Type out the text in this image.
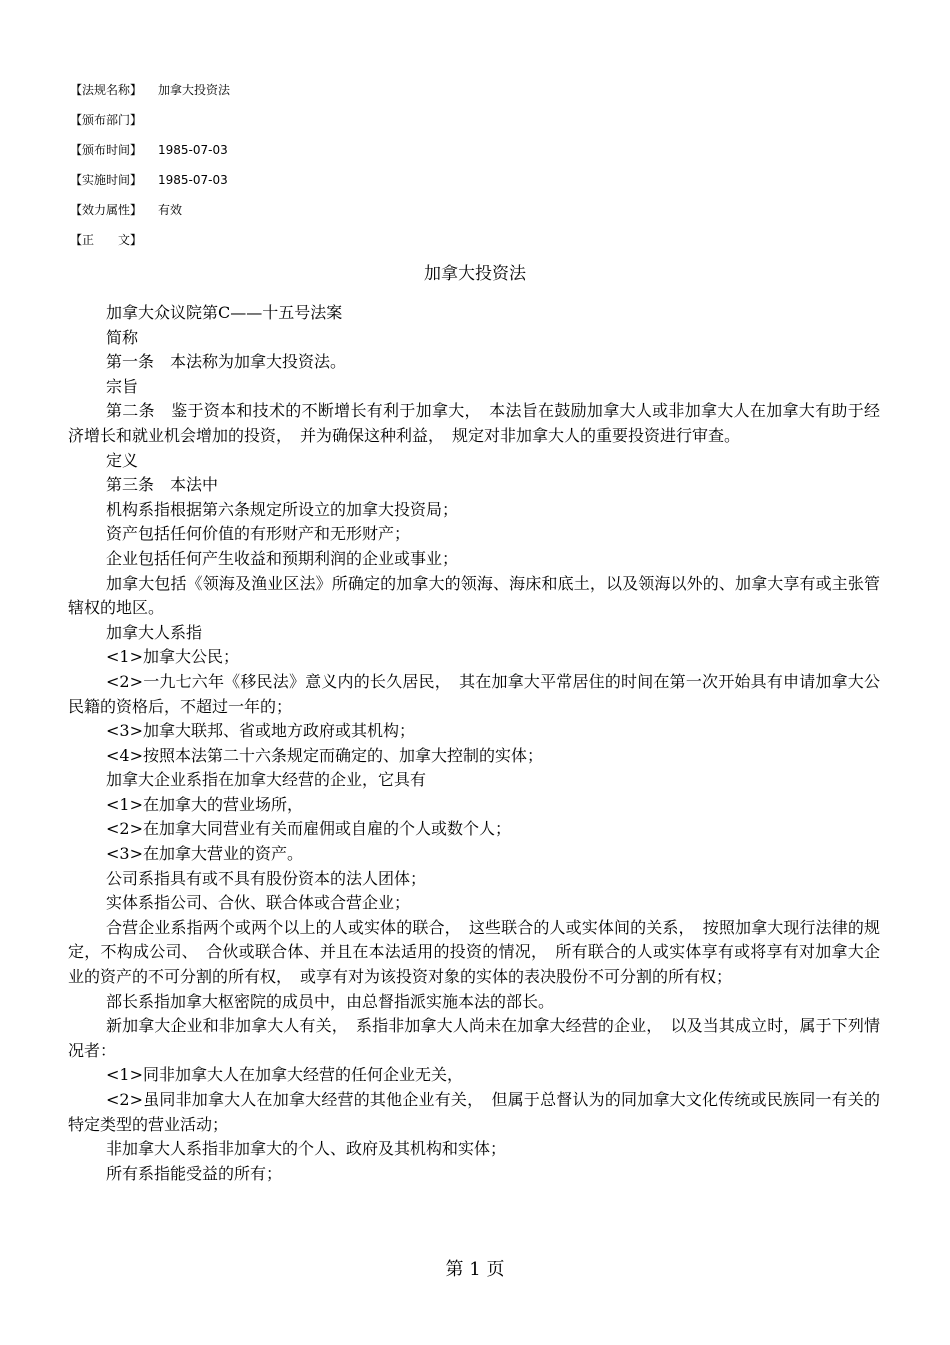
【法规名称】 加拿大投资法
【颁布部门】
【颁布时间】 1985-07-03
【实施时间】 1985-07-03
【效力属性】 有效
【正　　文】
加拿大投资法

加拿大众议院第C——十五号法案

简称

第一条　本法称为加拿大投资法。

宗旨

第二条　鉴于资本和技术的不断增长有利于加拿大，　本法旨在鼓励加拿大人或非加拿大人在加拿大有助于经济增长和就业机会增加的投资，　并为确保这种利益，　规定对非加拿大人的重要投资进行审查。

定义

第三条　本法中

机构系指根据第六条规定所设立的加拿大投资局；

资产包括任何价值的有形财产和无形财产；

企业包括任何产生收益和预期利润的企业或事业；

加拿大包括《领海及渔业区法》所确定的加拿大的领海、海床和底土，以及领海以外的、加拿大享有或主张管辖权的地区。

加拿大人系指

<1>加拿大公民；

<2>一九七六年《移民法》意义内的长久居民，　其在加拿大平常居住的时间在第一次开始具有申请加拿大公民籍的资格后，不超过一年的；

<3>加拿大联邦、省或地方政府或其机构；

<4>按照本法第二十六条规定而确定的、加拿大控制的实体；

加拿大企业系指在加拿大经营的企业，它具有

<1>在加拿大的营业场所，

<2>在加拿大同营业有关而雇佣或自雇的个人或数个人；

<3>在加拿大营业的资产。

公司系指具有或不具有股份资本的法人团体；

实体系指公司、合伙、联合体或合营企业；

合营企业系指两个或两个以上的人或实体的联合，　这些联合的人或实体间的关系，　按照加拿大现行法律的规定，不构成公司、　合伙或联合体、并且在本法适用的投资的情况，　所有联合的人或实体享有或将享有对加拿大企业的资产的不可分割的所有权，　或享有对为该投资对象的实体的表决股份不可分割的所有权；

部长系指加拿大枢密院的成员中，由总督指派实施本法的部长。

新加拿大企业和非加拿大人有关，　系指非加拿大人尚未在加拿大经营的企业，　以及当其成立时，属于下列情况者：

<1>同非加拿大人在加拿大经营的任何企业无关，

<2>虽同非加拿大人在加拿大经营的其他企业有关，　但属于总督认为的同加拿大文化传统或民族同一有关的特定类型的营业活动；

非加拿大人系指非加拿大的个人、政府及其机构和实体；

所有系指能受益的所有；

第 1 页
